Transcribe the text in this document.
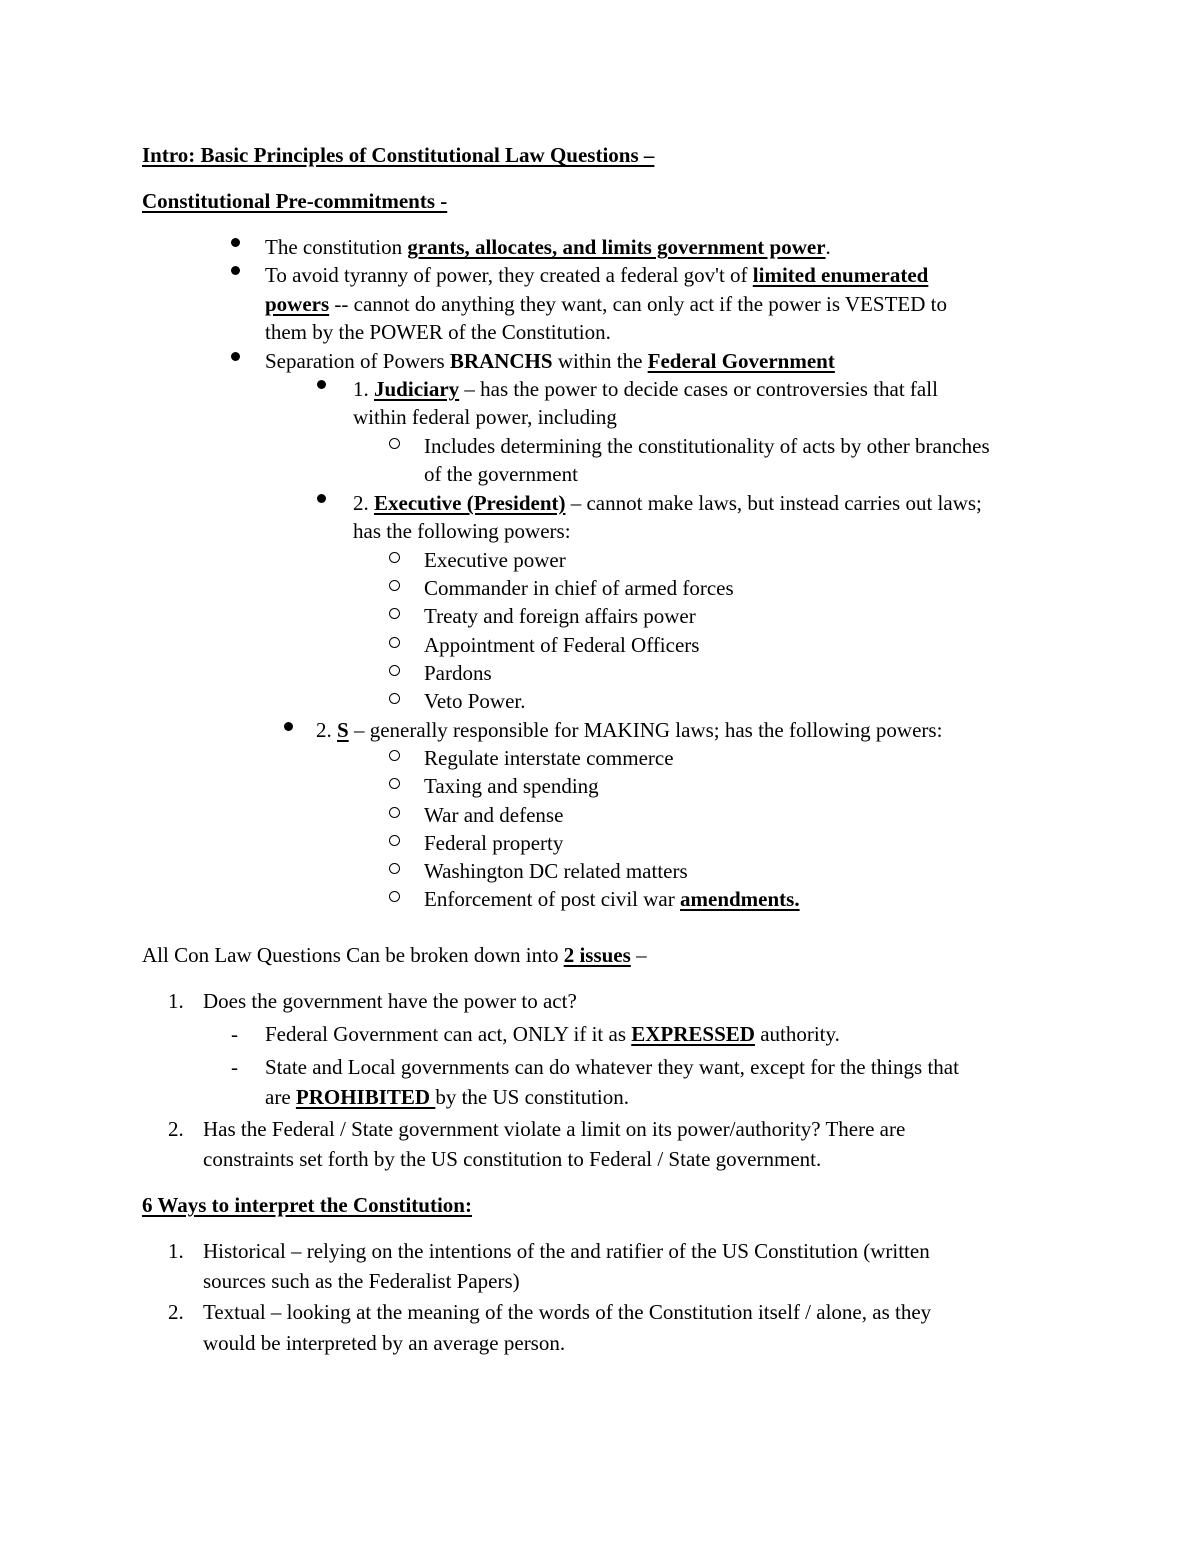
Intro: Basic Principles of Constitutional Law Questions –
Constitutional Pre-commitments -
The constitution grants, allocates, and limits government power.
To avoid tyranny of power, they created a federal gov't of limited enumerated
powers -- cannot do anything they want, can only act if the power is VESTED to
them by the POWER of the Constitution.
Separation of Powers BRANCHS within the Federal Government
1. Judiciary – has the power to decide cases or controversies that fall
within federal power, including
Includes determining the constitutionality of acts by other branches
of the government
2. Executive (President) – cannot make laws, but instead carries out laws;
has the following powers:
Executive power
Commander in chief of armed forces
Treaty and foreign affairs power
Appointment of Federal Officers
Pardons
Veto Power.
2. S – generally responsible for MAKING laws; has the following powers:
Regulate interstate commerce
Taxing and spending
War and defense
Federal property
Washington DC related matters
Enforcement of post civil war amendments.
All Con Law Questions Can be broken down into 2 issues –
1. Does the government have the power to act?
- Federal Government can act, ONLY if it as EXPRESSED authority.
- State and Local governments can do whatever they want, except for the things that
are PROHIBITED by the US constitution.
2. Has the Federal / State government violate a limit on its power/authority? There are
constraints set forth by the US constitution to Federal / State government.
6 Ways to interpret the Constitution:
1. Historical – relying on the intentions of the and ratifier of the US Constitution (written
sources such as the Federalist Papers)
2. Textual – looking at the meaning of the words of the Constitution itself / alone, as they
would be interpreted by an average person.
